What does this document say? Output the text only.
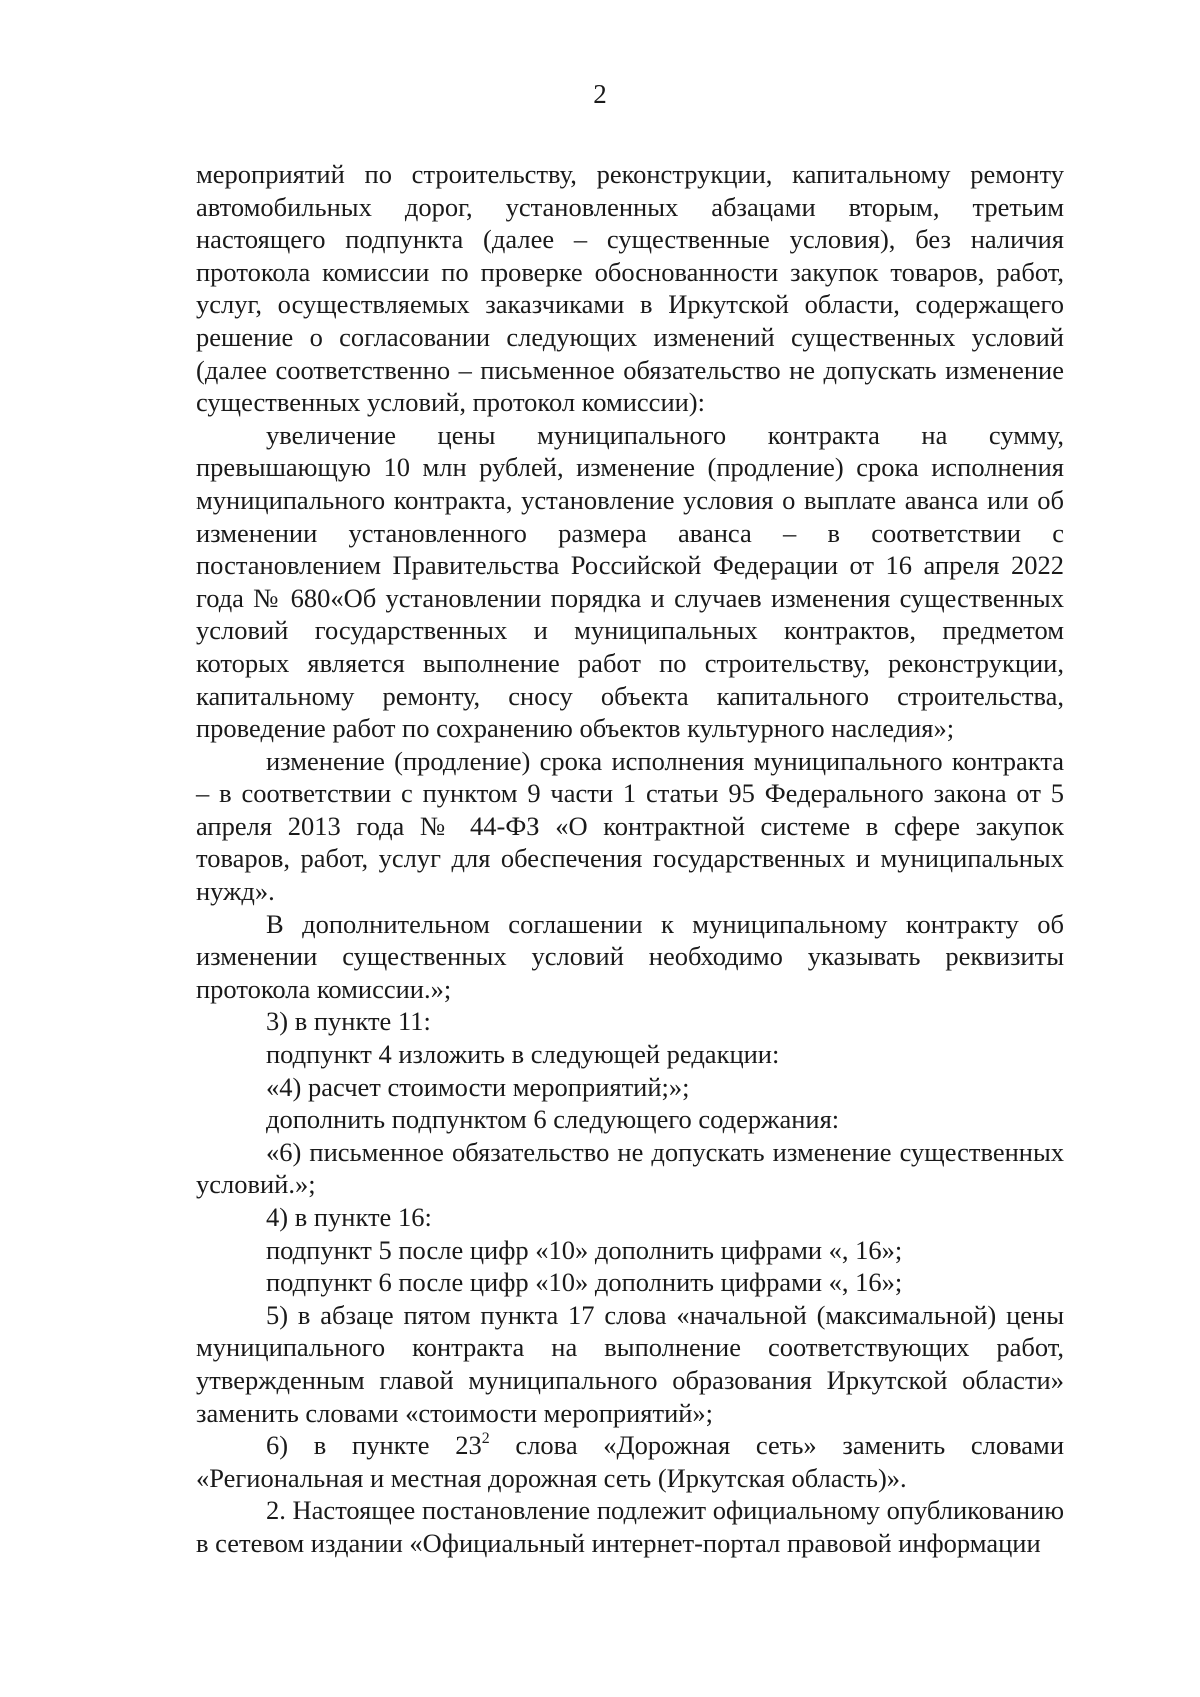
2

мероприятий по строительству, реконструкции, капитальному ремонту автомобильных дорог, установленных абзацами вторым, третьим настоящего подпункта (далее – существенные условия), без наличия протокола комиссии по проверке обоснованности закупок товаров, работ, услуг, осуществляемых заказчиками в Иркутской области, содержащего решение о согласовании следующих изменений существенных условий (далее соответственно – письменное обязательство не допускать изменение существенных условий, протокол комиссии):

увеличение цены муниципального контракта на сумму, превышающую 10 млн рублей, изменение (продление) срока исполнения муниципального контракта, установление условия о выплате аванса или об изменении установленного размера аванса – в соответствии с постановлением Правительства Российской Федерации от 16 апреля 2022 года № 680«Об установлении порядка и случаев изменения существенных условий государственных и муниципальных контрактов, предметом которых является выполнение работ по строительству, реконструкции, капитальному ремонту, сносу объекта капитального строительства, проведение работ по сохранению объектов культурного наследия»;

изменение (продление) срока исполнения муниципального контракта – в соответствии с пунктом 9 части 1 статьи 95 Федерального закона от 5 апреля 2013 года № 44-ФЗ «О контрактной системе в сфере закупок товаров, работ, услуг для обеспечения государственных и муниципальных нужд».

В дополнительном соглашении к муниципальному контракту об изменении существенных условий необходимо указывать реквизиты протокола комиссии.»;

3) в пункте 11:

подпункт 4 изложить в следующей редакции:

«4) расчет стоимости мероприятий;»;

дополнить подпунктом 6 следующего содержания:

«6) письменное обязательство не допускать изменение существенных условий.»;

4) в пункте 16:

подпункт 5 после цифр «10» дополнить цифрами «, 16»;

подпункт 6 после цифр «10» дополнить цифрами «, 16»;

5) в абзаце пятом пункта 17 слова «начальной (максимальной) цены муниципального контракта на выполнение соответствующих работ, утвержденным главой муниципального образования Иркутской области» заменить словами «стоимости мероприятий»;

6) в пункте $23^2$ слова «Дорожная сеть» заменить словами «Региональная и местная дорожная сеть (Иркутская область)».

2. Настоящее постановление подлежит официальному опубликованию в сетевом издании «Официальный интернет-портал правовой информации
